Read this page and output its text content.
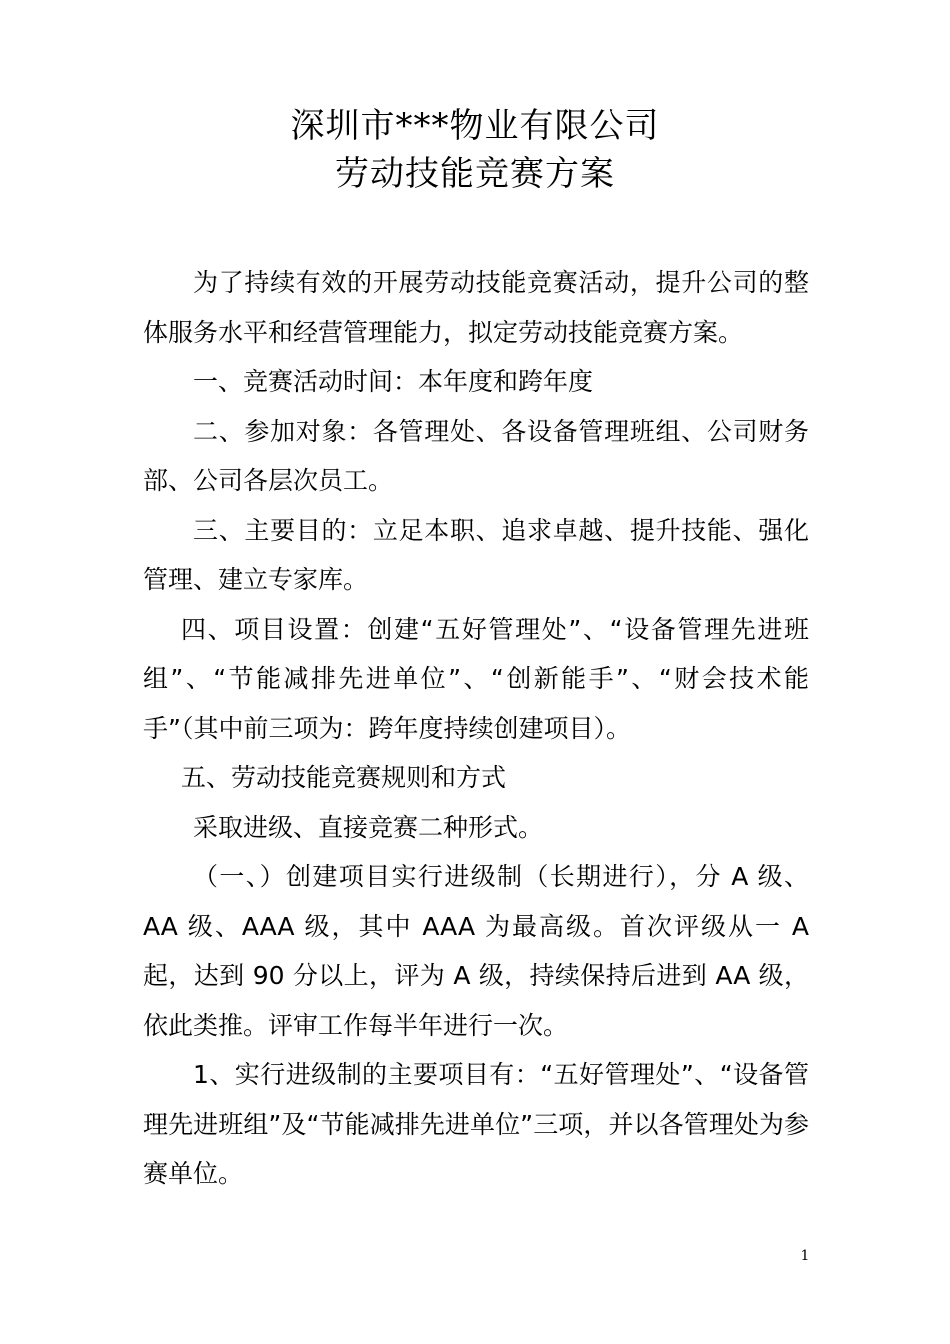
深圳市***物业有限公司
劳动技能竞赛方案

为了持续有效的开展劳动技能竞赛活动，提升公司的整体服务水平和经营管理能力，拟定劳动技能竞赛方案。

一、竞赛活动时间：本年度和跨年度

二、参加对象：各管理处、各设备管理班组、公司财务部、公司各层次员工。

三、主要目的：立足本职、追求卓越、提升技能、强化管理、建立专家库。

四、项目设置：创建“五好管理处”、“设备管理先进班组”、“节能减排先进单位”、“创新能手”、“财会技术能手”（其中前三项为：跨年度持续创建项目）。

五、劳动技能竞赛规则和方式

采取进级、直接竞赛二种形式。

（一、）创建项目实行进级制（长期进行），分 A 级、AA 级、AAA 级，其中 AAA 为最高级。首次评级从一 A 起，达到 90 分以上，评为 A 级，持续保持后进到 AA 级，依此类推。评审工作每半年进行一次。

1、实行进级制的主要项目有：“五好管理处”、“设备管理先进班组”及“节能减排先进单位”三项，并以各管理处为参赛单位。

1
